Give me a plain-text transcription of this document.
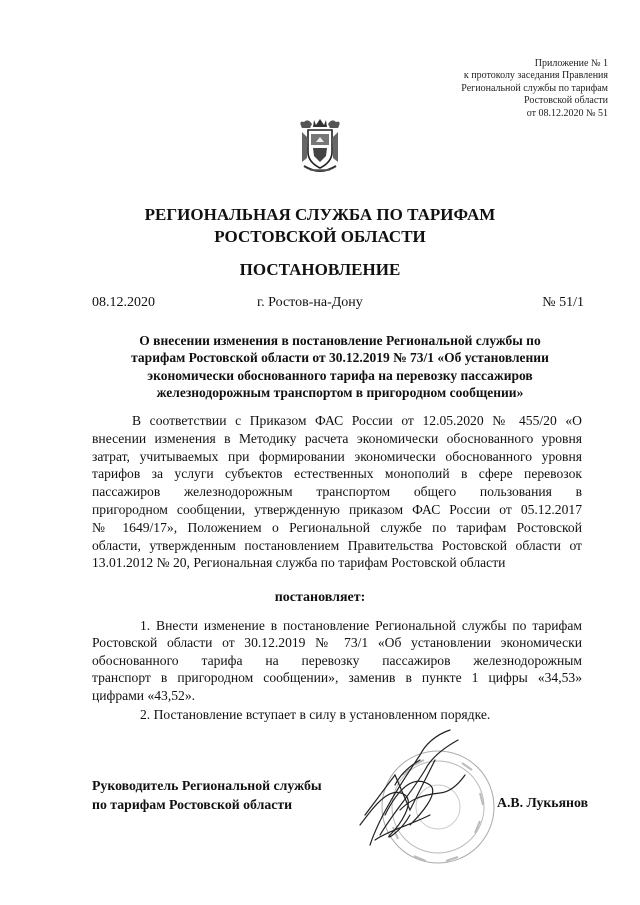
Приложение № 1
к протоколу заседания Правления
Региональной службы по тарифам
Ростовской области
от 08.12.2020 № 51
РЕГИОНАЛЬНАЯ СЛУЖБА ПО ТАРИФАМ
РОСТОВСКОЙ ОБЛАСТИ
ПОСТАНОВЛЕНИЕ
08.12.2020	г. Ростов-на-Дону	№ 51/1
О внесении изменения в постановление Региональной службы по
тарифам Ростовской области от 30.12.2019 № 73/1 «Об установлении
экономически обоснованного тарифа на перевозку пассажиров
железнодорожным транспортом в пригородном сообщении»
В соответствии с Приказом ФАС России от 12.05.2020 № 455/20 «О
внесении изменения в Методику расчета экономически обоснованного уровня
затрат, учитываемых при формировании экономически обоснованного уровня
тарифов за услуги субъектов естественных монополий в сфере перевозок
пассажиров железнодорожным транспортом общего пользования в
пригородном сообщении, утвержденную приказом ФАС России от 05.12.2017
№ 1649/17», Положением о Региональной службе по тарифам Ростовской
области, утвержденным постановлением Правительства Ростовской области от
13.01.2012 № 20, Региональная служба по тарифам Ростовской области
постановляет:
1. Внести изменение в постановление Региональной службы по тарифам
Ростовской области от 30.12.2019 № 73/1 «Об установлении экономически
обоснованного тарифа на перевозку пассажиров железнодорожным
транспорт в пригородном сообщении», заменив в пункте 1 цифры «34,53»
цифрами «43,52».
2. Постановление вступает в силу в установленном порядке.
Руководитель Региональной службы
по тарифам Ростовской области	А.В. Лукьянов
